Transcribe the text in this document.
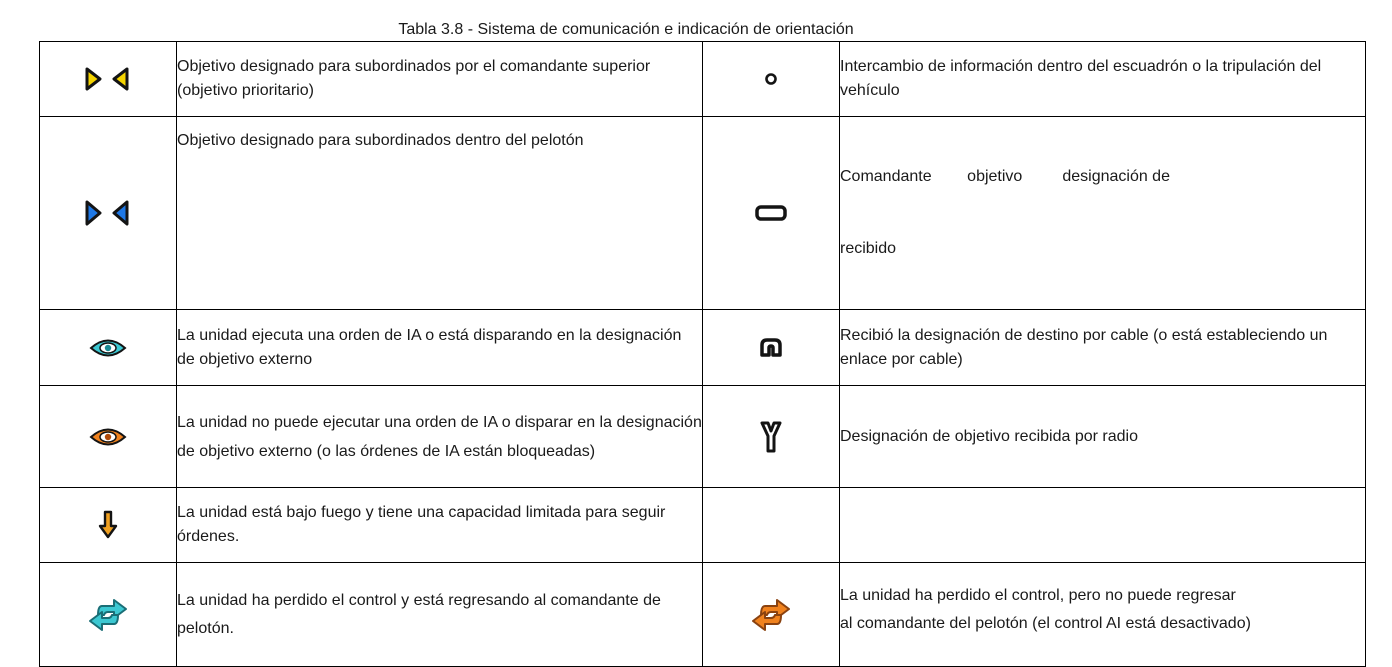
Tabla 3.8 - Sistema de comunicación e indicación de orientación

Objetivo designado para subordinados por el comandante superior (objetivo prioritario)		Intercambio de información dentro del escuadrón o la tripulación del vehículo

Objetivo designado para subordinados dentro del pelotón		Comandante        objetivo         designación de

recibido

La unidad ejecuta una orden de IA o está disparando en la designación de objetivo externo		Recibió la designación de destino por cable (o está estableciendo un enlace por cable)

La unidad no puede ejecutar una orden de IA o disparar en la designación de objetivo externo (o las órdenes de IA están bloqueadas)		Designación de objetivo recibida por radio

La unidad está bajo fuego y tiene una capacidad limitada para seguir órdenes.		

La unidad ha perdido el control y está regresando al comandante de pelotón.		La unidad ha perdido el control, pero no puede regresar
al comandante del pelotón (el control AI está desactivado)
